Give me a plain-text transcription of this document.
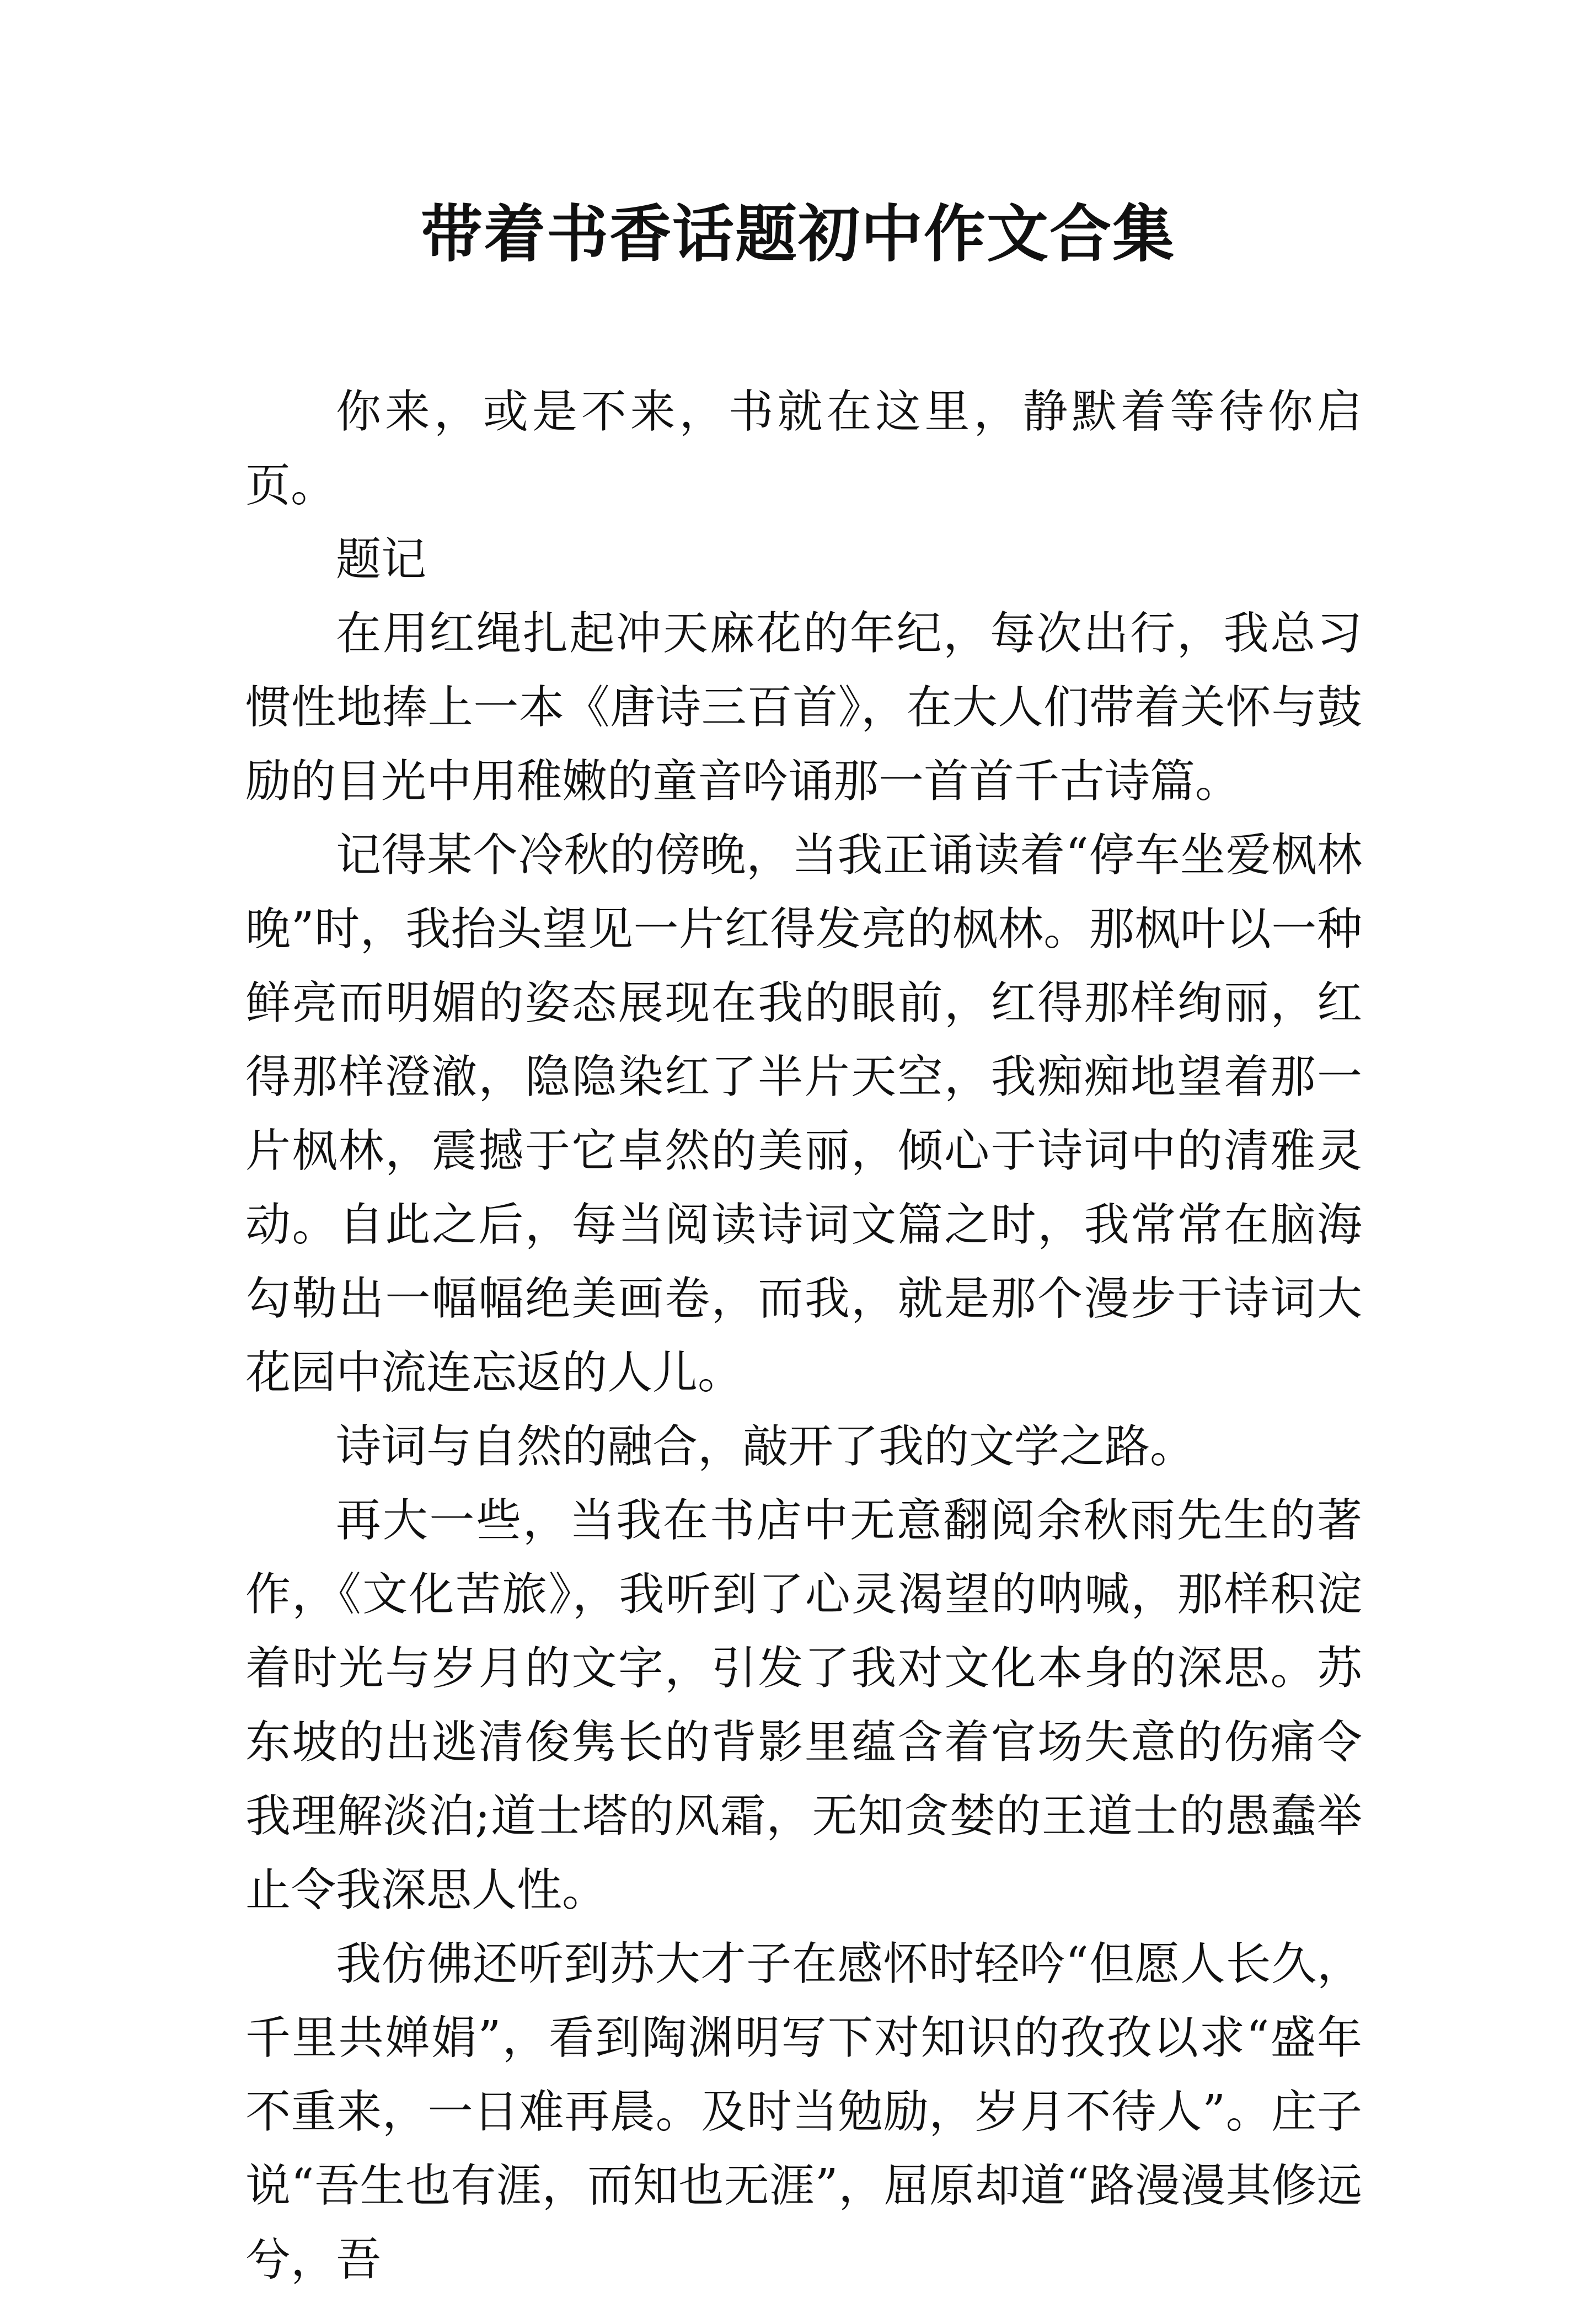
带着书香话题初中作文合集

你来，或是不来，书就在这里，静默着等待你启页。

题记

在用红绳扎起冲天麻花的年纪，每次出行，我总习惯性地捧上一本《唐诗三百首》，在大人们带着关怀与鼓励的目光中用稚嫩的童音吟诵那一首首千古诗篇。

记得某个冷秋的傍晚，当我正诵读着“停车坐爱枫林晚”时，我抬头望见一片红得发亮的枫林。那枫叶以一种鲜亮而明媚的姿态展现在我的眼前，红得那样绚丽，红得那样澄澈，隐隐染红了半片天空，我痴痴地望着那一片枫林，震撼于它卓然的美丽，倾心于诗词中的清雅灵动。自此之后，每当阅读诗词文篇之时，我常常在脑海勾勒出一幅幅绝美画卷，而我，就是那个漫步于诗词大花园中流连忘返的人儿。

诗词与自然的融合，敲开了我的文学之路。

再大一些，当我在书店中无意翻阅余秋雨先生的著作，《文化苦旅》，我听到了心灵渴望的呐喊，那样积淀着时光与岁月的文字，引发了我对文化本身的深思。苏东坡的出逃清俊隽长的背影里蕴含着官场失意的伤痛令我理解淡泊;道士塔的风霜，无知贪婪的王道士的愚蠢举止令我深思人性。

我仿佛还听到苏大才子在感怀时轻吟“但愿人长久，千里共婵娟”，看到陶渊明写下对知识的孜孜以求“盛年不重来，一日难再晨。及时当勉励，岁月不待人”。庄子说“吾生也有涯，而知也无涯”，屈原却道“路漫漫其修远兮，吾
